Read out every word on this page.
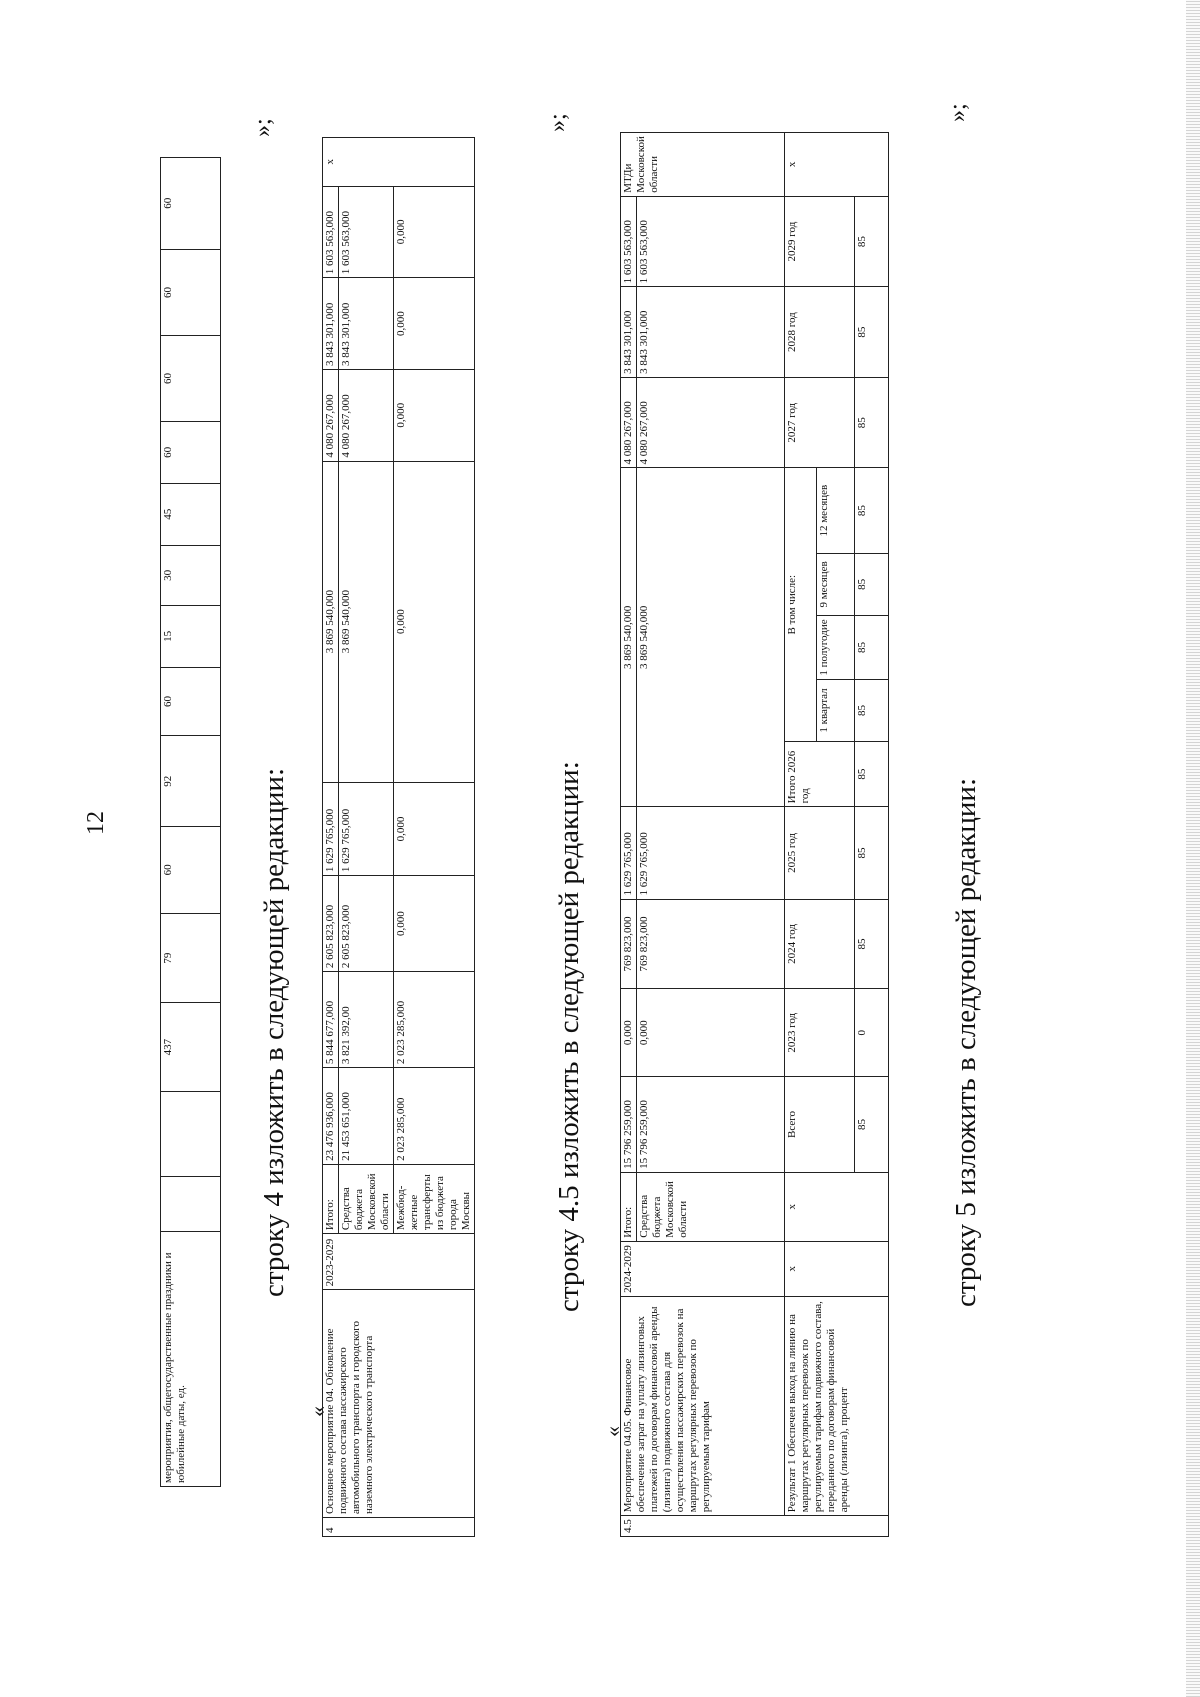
12
мероприятия, общегосударственные праздники и юбилейные даты, ед.			437	79	60	92	60	15	30	45	60	60	60	60
»;
строку 4 изложить в следующей редакции:
«
4	Основное мероприятие 04. Обновление подвижного состава пассажирского автомобильного транспорта и городского наземного электрического транспорта	2023-2029	Итого:	23 476 936,000	5 844 677,000	2 605 823,000	1 629 765,000	3 869 540,000	4 080 267,000	3 843 301,000	1 603 563,000	x
			Средства бюджета Московской области	21 453 651,000	3 821 392,00	2 605 823,000	1 629 765,000	3 869 540,000	4 080 267,000	3 843 301,000	1 603 563,000	
			Межбюд-жетные трансферты из бюджета города Москвы	2 023 285,000	2 023 285,000	0,000	0,000	0,000	0,000	0,000	0,000	
»;
строку 4.5 изложить в следующей редакции:
«
4.5	Мероприятие 04.05. Финансовое обеспечение затрат на уплату лизинговых платежей по договорам финансовой аренды (лизинга) подвижного состава для осуществления пассажирских перевозок на маршрутах регулярных перевозок по регулируемым тарифам	2024-2029	Итого:	15 796 259,000	0,000	769 823,000	1 629 765,000	3 869 540,000					4 080 267,000	3 843 301,000	1 603 563,000	МТДи Московской области
			Средства бюджета Московской области	15 796 259,000	0,000	769 823,000	1 629 765,000	3 869 540,000					4 080 267,000	3 843 301,000	1 603 563,000	
	Результат 1 Обеспечен выход на линию на маршрутах регулярных перевозок по регулируемым тарифам подвижного состава, переданного по договорам финансовой аренды (лизинга), процент	x	x	Всего	2023 год	2024 год	2025 год	Итого 2026 год	В том числе:				2027 год	2028 год	2029 год	x
									1 квартал	1 полугодие	9 месяцев	12 месяцев				
				85	0	85	85	85	85	85	85	85	85	85	85	
»;
строку 5 изложить в следующей редакции:
